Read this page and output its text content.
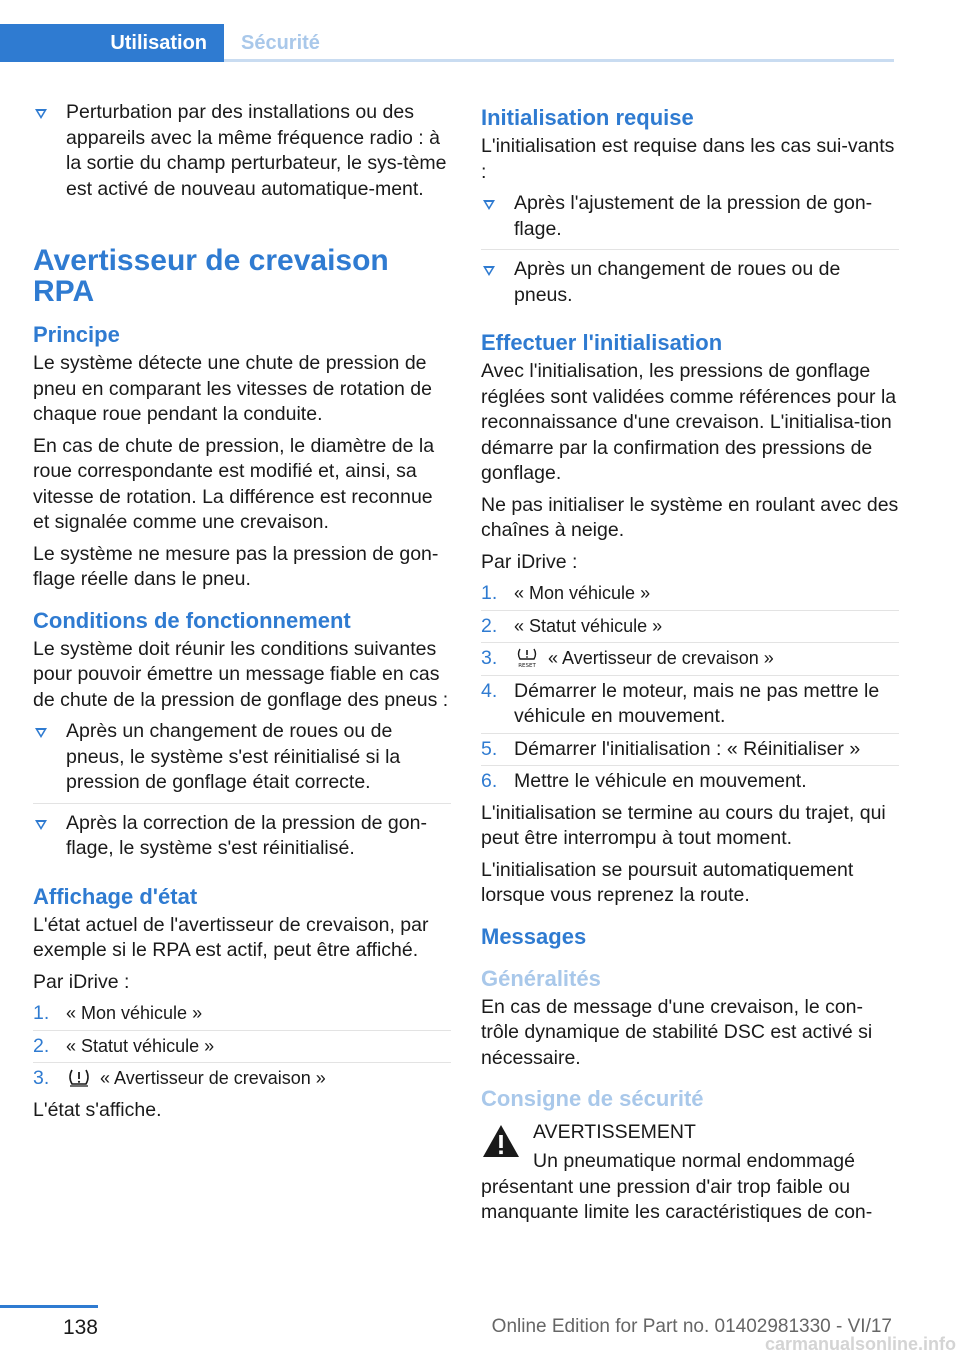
Utilisation	Sécurité
Perturbation par des installations ou des appareils avec la même fréquence radio : à la sortie du champ perturbateur, le sys-tème est activé de nouveau automatique-ment.
Avertisseur de crevaison RPA
Principe

Le système détecte une chute de pression de pneu en comparant les vitesses de rotation de chaque roue pendant la conduite.

En cas de chute de pression, le diamètre de la roue correspondante est modifié et, ainsi, sa vitesse de rotation. La différence est reconnue et signalée comme une crevaison.

Le système ne mesure pas la pression de gon-flage réelle dans le pneu.

Conditions de fonctionnement

Le système doit réunir les conditions suivantes pour pouvoir émettre un message fiable en cas de chute de la pression de gonflage des pneus :

Après un changement de roues ou de pneus, le système s'est réinitialisé si la pression de gonflage était correcte.
Après la correction de la pression de gon-flage, le système s'est réinitialisé.
Affichage d'état

L'état actuel de l'avertisseur de crevaison, par exemple si le RPA est actif, peut être affiché.

Par iDrive :

1. « Mon véhicule »
2. « Statut véhicule »
3.	« Avertisseur de crevaison »

L'état s'affiche.

Initialisation requise

L'initialisation est requise dans les cas sui-vants :

Après l'ajustement de la pression de gon-flage.
Après un changement de roues ou de pneus.
Effectuer l'initialisation

Avec l'initialisation, les pressions de gonflage réglées sont validées comme références pour la reconnaissance d'une crevaison. L'initialisa-tion démarre par la confirmation des pressions de gonflage.

Ne pas initialiser le système en roulant avec des chaînes à neige.

Par iDrive :

1. « Mon véhicule »
2. « Statut véhicule »
3.	RESET « Avertisseur de crevaison »
4. Démarrer le moteur, mais ne pas mettre le véhicule en mouvement.
5. Démarrer l'initialisation : « Réinitialiser »
6. Mettre le véhicule en mouvement.

L'initialisation se termine au cours du trajet, qui peut être interrompu à tout moment.

L'initialisation se poursuit automatiquement lorsque vous reprenez la route.

Messages
Généralités

En cas de message d'une crevaison, le con-trôle dynamique de stabilité DSC est activé si nécessaire.

Consigne de sécurité

AVERTISSEMENT

Un pneumatique normal endommagé

présentant une pression d'air trop faible ou manquante limite les caractéristiques de con-

138	Online Edition for Part no. 01402981330 - VI/17
carmanualsonline.info
